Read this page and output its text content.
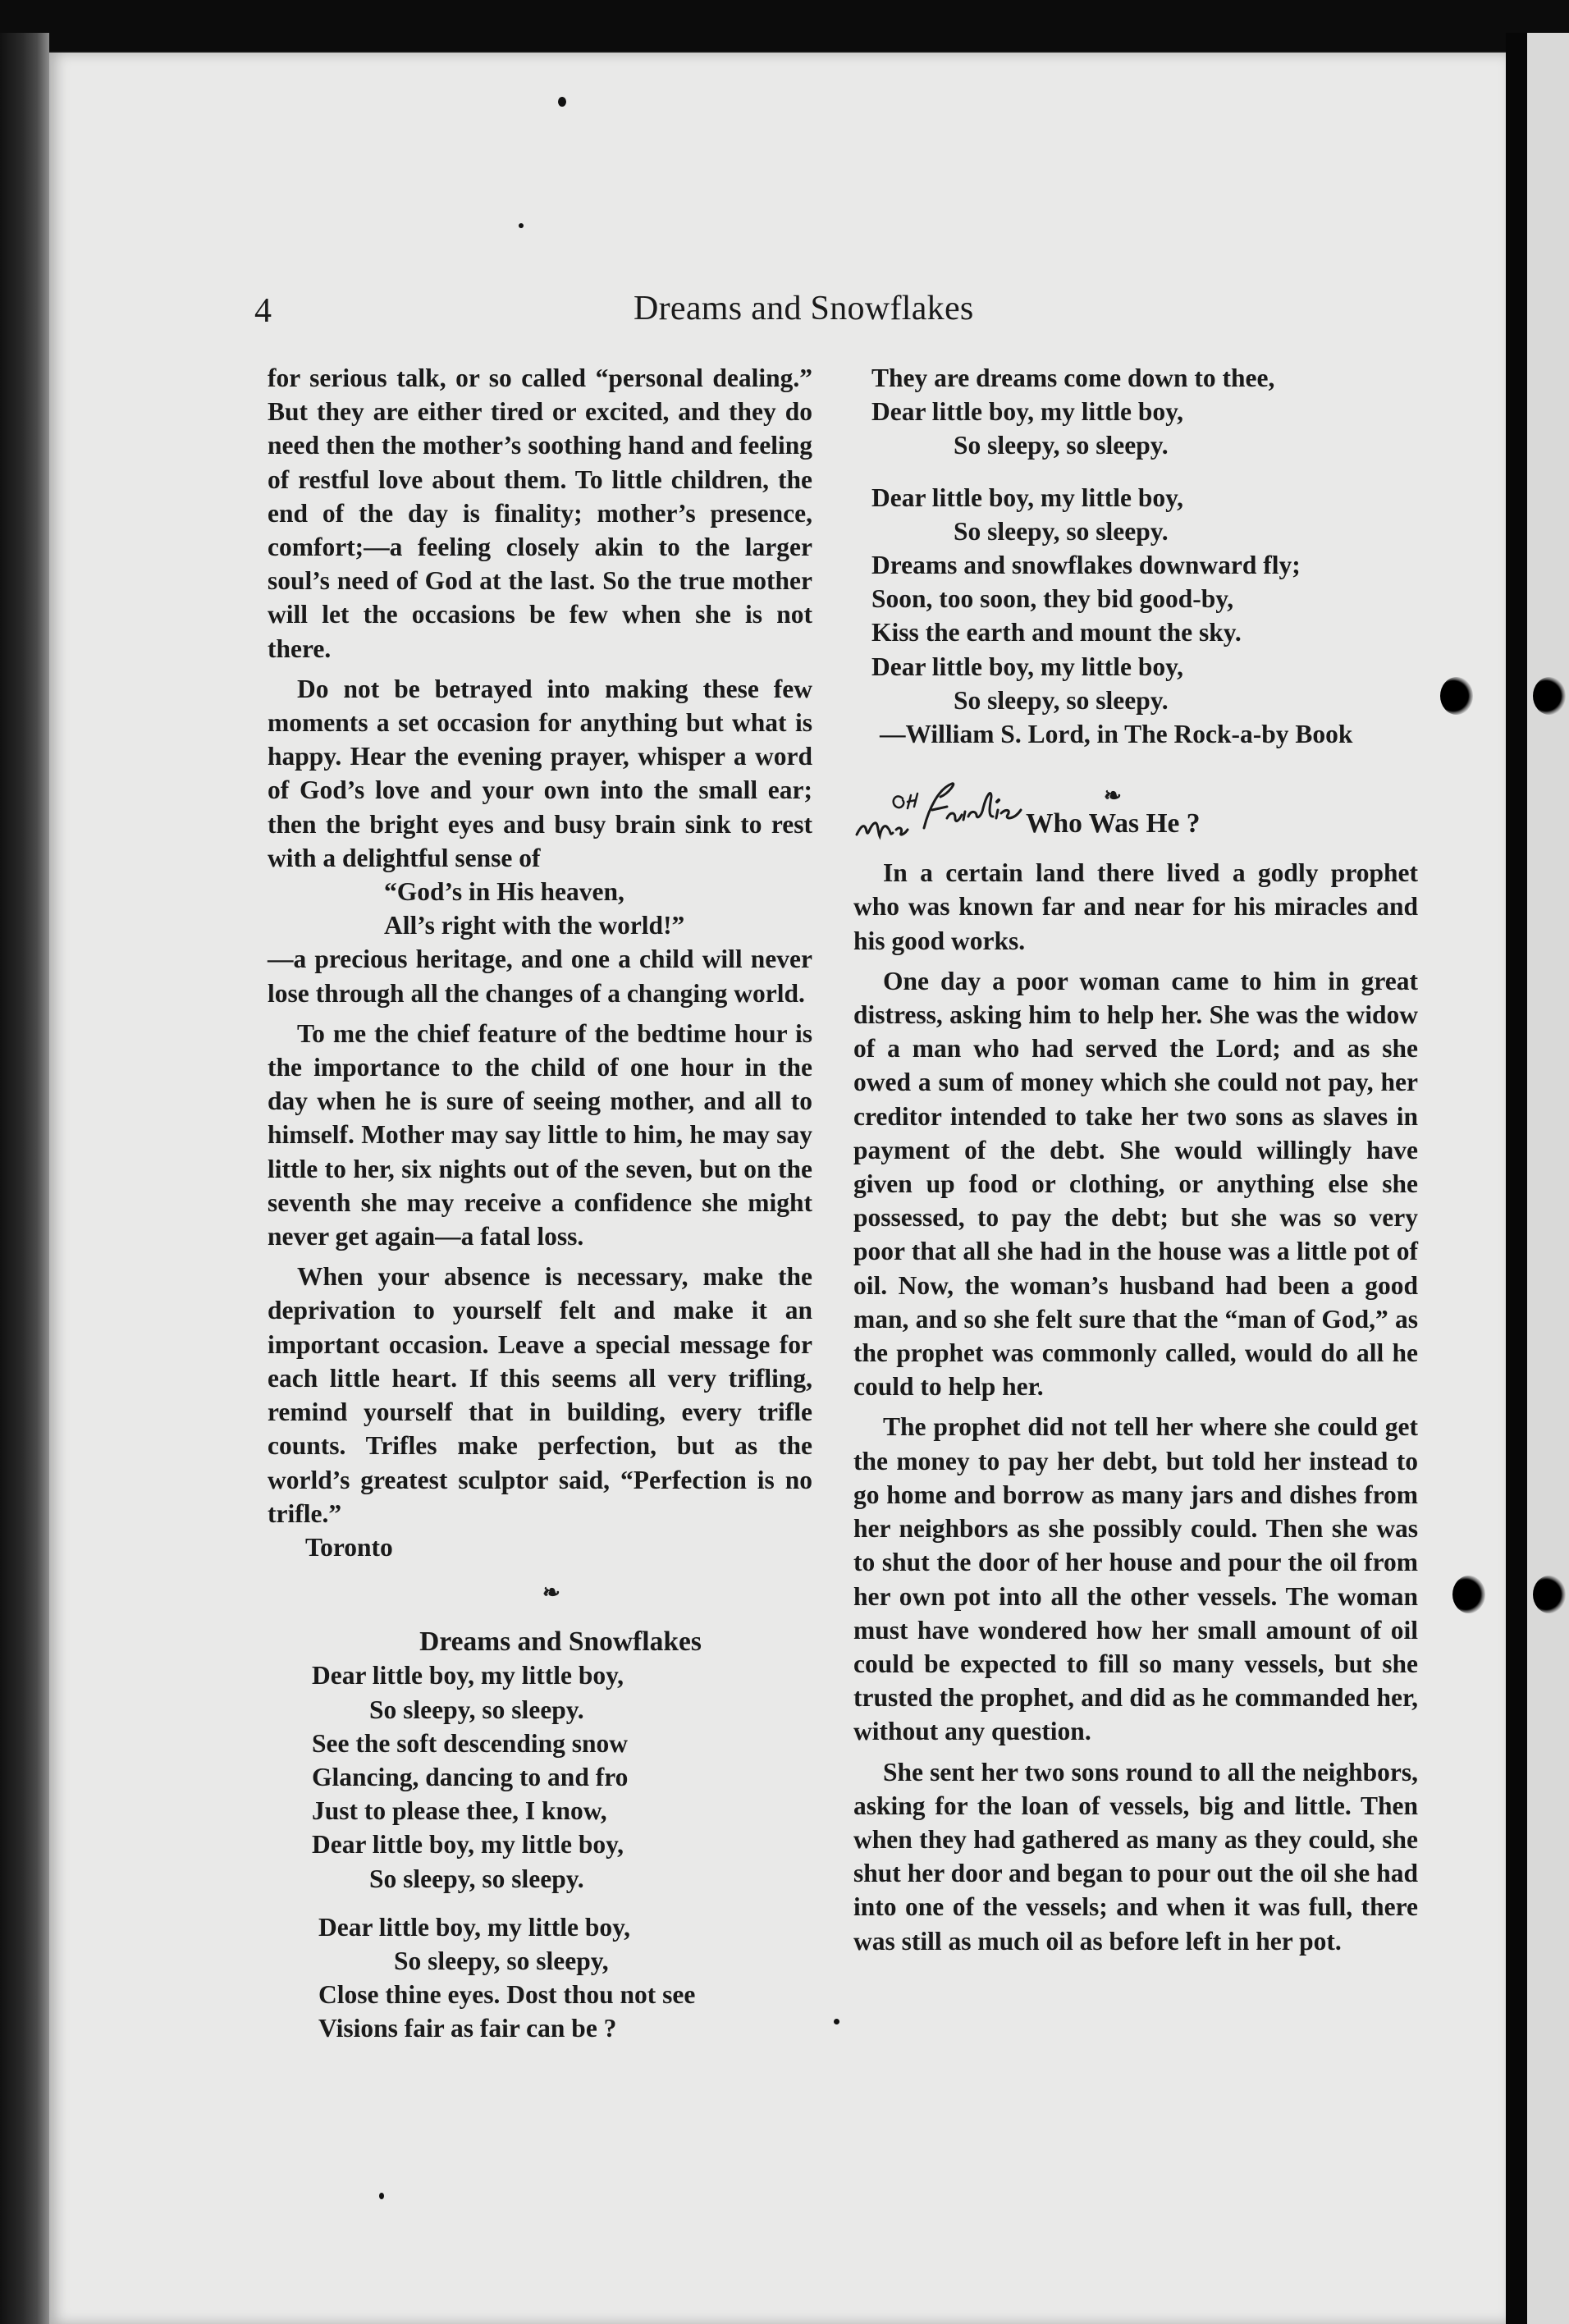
4	Dreams and Snowflakes

for serious talk, or so called “personal dealing.” But they are either tired or excited, and they do need then the mother’s soothing hand and feeling of restful love about them. To little children, the end of the day is finality; mother’s presence, comfort;—a feeling closely akin to the larger soul’s need of God at the last. So the true mother will let the occasions be few when she is not there.

Do not be betrayed into making these few moments a set occasion for anything but what is happy. Hear the evening prayer, whisper a word of God’s love and your own into the small ear; then the bright eyes and busy brain sink to rest with a delightful sense of

“God’s in His heaven,

All’s right with the world!”

—a precious heritage, and one a child will never lose through all the changes of a changing world.

To me the chief feature of the bedtime hour is the importance to the child of one hour in the day when he is sure of seeing mother, and all to himself. Mother may say little to him, he may say little to her, six nights out of the seven, but on the seventh she may receive a confidence she might never get again—a fatal loss.

When your absence is necessary, make the deprivation to yourself felt and make it an important occasion. Leave a special message for each little heart. If this seems all very trifling, remind yourself that in building, every trifle counts. Trifles make perfection, but as the world’s greatest sculptor said, “Perfection is no trifle.”

Toronto

❧

Dreams and Snowflakes

Dear little boy, my little boy,

So sleepy, so sleepy.

See the soft descending snow

Glancing, dancing to and fro

Just to please thee, I know,

Dear little boy, my little boy,

So sleepy, so sleepy.

Dear little boy, my little boy,

So sleepy, so sleepy,

Close thine eyes. Dost thou not see

Visions fair as fair can be ?

They are dreams come down to thee,

Dear little boy, my little boy,

So sleepy, so sleepy.

Dear little boy, my little boy,

So sleepy, so sleepy.

Dreams and snowflakes downward fly;

Soon, too soon, they bid good-by,

Kiss the earth and mount the sky.

Dear little boy, my little boy,

So sleepy, so sleepy.

—William S. Lord, in The Rock-a-by Book

❧
Who Was He ?

In a certain land there lived a godly prophet who was known far and near for his miracles and his good works.

One day a poor woman came to him in great distress, asking him to help her. She was the widow of a man who had served the Lord; and as she owed a sum of money which she could not pay, her creditor intended to take her two sons as slaves in payment of the debt. She would willingly have given up food or clothing, or anything else she possessed, to pay the debt; but she was so very poor that all she had in the house was a little pot of oil. Now, the woman’s husband had been a good man, and so she felt sure that the “man of God,” as the prophet was commonly called, would do all he could to help her.

The prophet did not tell her where she could get the money to pay her debt, but told her instead to go home and borrow as many jars and dishes from her neighbors as she possibly could. Then she was to shut the door of her house and pour the oil from her own pot into all the other vessels. The woman must have wondered how her small amount of oil could be expected to fill so many vessels, but she trusted the prophet, and did as he commanded her, without any question.

She sent her two sons round to all the neighbors, asking for the loan of vessels, big and little. Then when they had gathered as many as they could, she shut her door and began to pour out the oil she had into one of the vessels; and when it was full, there was still as much oil as before left in her pot.
